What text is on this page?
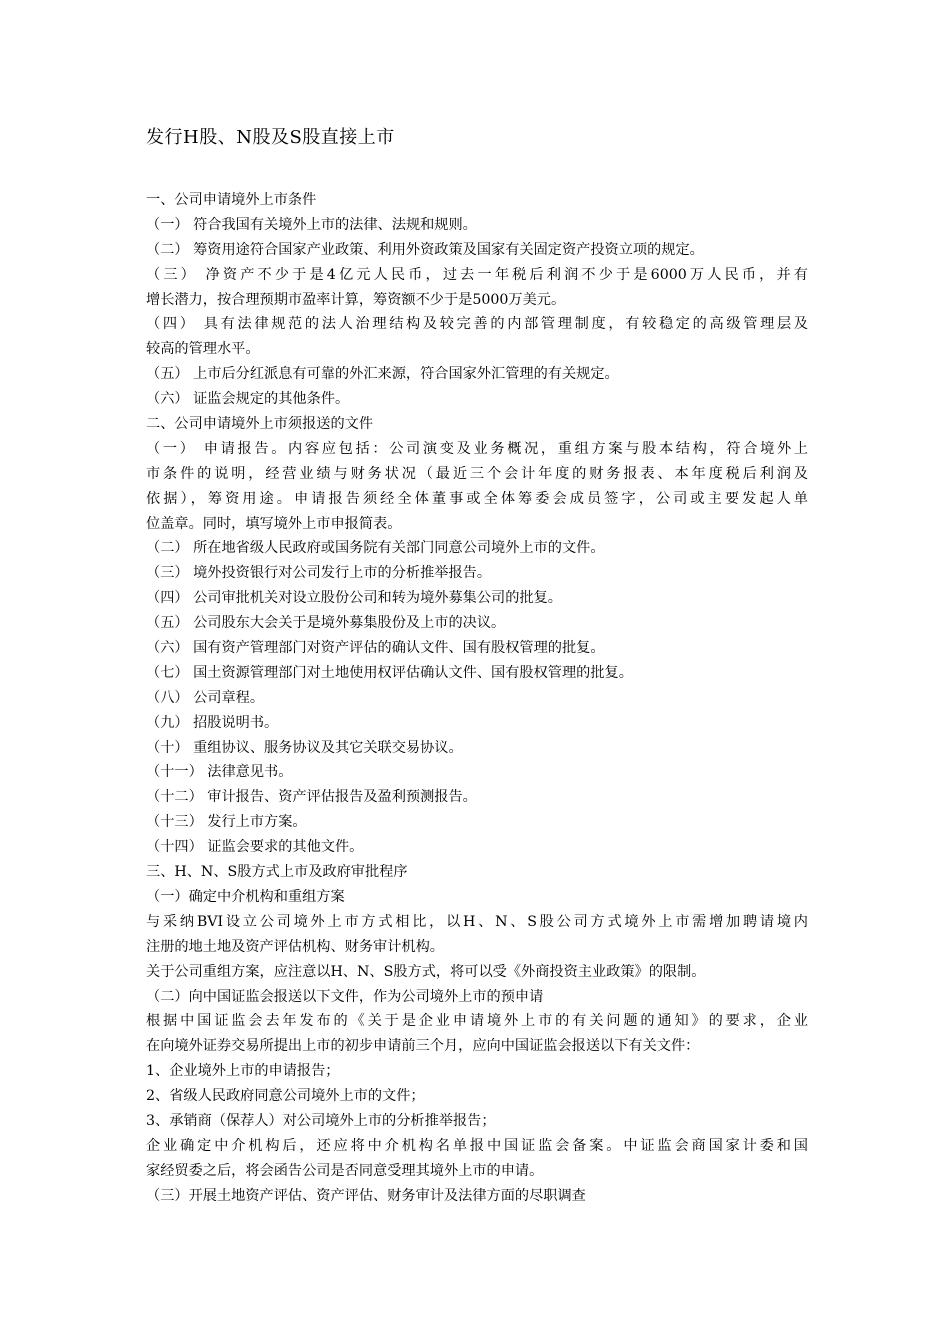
发行H股、N股及S股直接上市
一、公司申请境外上市条件
（一） 符合我国有关境外上市的法律、法规和规则。
（二） 筹资用途符合国家产业政策、利用外资政策及国家有关固定资产投资立项的规定。
（三） 净资产不少于是4亿元人民币，过去一年税后利润不少于是6000万人民币，并有
增长潜力，按合理预期市盈率计算，筹资额不少于是5000万美元。
（四） 具有法律规范的法人治理结构及较完善的内部管理制度，有较稳定的高级管理层及
较高的管理水平。
（五） 上市后分红派息有可靠的外汇来源，符合国家外汇管理的有关规定。
（六） 证监会规定的其他条件。
二、公司申请境外上市须报送的文件
（一） 申请报告。内容应包括：公司演变及业务概况，重组方案与股本结构，符合境外上
市条件的说明，经营业绩与财务状况（最近三个会计年度的财务报表、本年度税后利润及
依据），筹资用途。申请报告须经全体董事或全体筹委会成员签字，公司或主要发起人单
位盖章。同时，填写境外上市申报简表。
（二） 所在地省级人民政府或国务院有关部门同意公司境外上市的文件。
（三） 境外投资银行对公司发行上市的分析推举报告。
（四） 公司审批机关对设立股份公司和转为境外募集公司的批复。
（五） 公司股东大会关于是境外募集股份及上市的决议。
（六） 国有资产管理部门对资产评估的确认文件、国有股权管理的批复。
（七） 国土资源管理部门对土地使用权评估确认文件、国有股权管理的批复。
（八） 公司章程。
（九） 招股说明书。
（十） 重组协议、服务协议及其它关联交易协议。
（十一） 法律意见书。
（十二） 审计报告、资产评估报告及盈利预测报告。
（十三） 发行上市方案。
（十四） 证监会要求的其他文件。
三、H、N、S股方式上市及政府审批程序
（一）确定中介机构和重组方案
与采纳BVI设立公司境外上市方式相比，以H、N、S股公司方式境外上市需增加聘请境内
注册的地土地及资产评估机构、财务审计机构。
关于公司重组方案，应注意以H、N、S股方式，将可以受《外商投资主业政策》的限制。
（二）向中国证监会报送以下文件，作为公司境外上市的预申请
根据中国证监会去年发布的《关于是企业申请境外上市的有关问题的通知》的要求，企业
在向境外证券交易所提出上市的初步申请前三个月，应向中国证监会报送以下有关文件：
1、企业境外上市的申请报告；
2、省级人民政府同意公司境外上市的文件；
3、承销商（保荐人）对公司境外上市的分析推举报告；
企业确定中介机构后，还应将中介机构名单报中国证监会备案。中证监会商国家计委和国
家经贸委之后，将会函告公司是否同意受理其境外上市的申请。
（三）开展土地资产评估、资产评估、财务审计及法律方面的尽职调查
